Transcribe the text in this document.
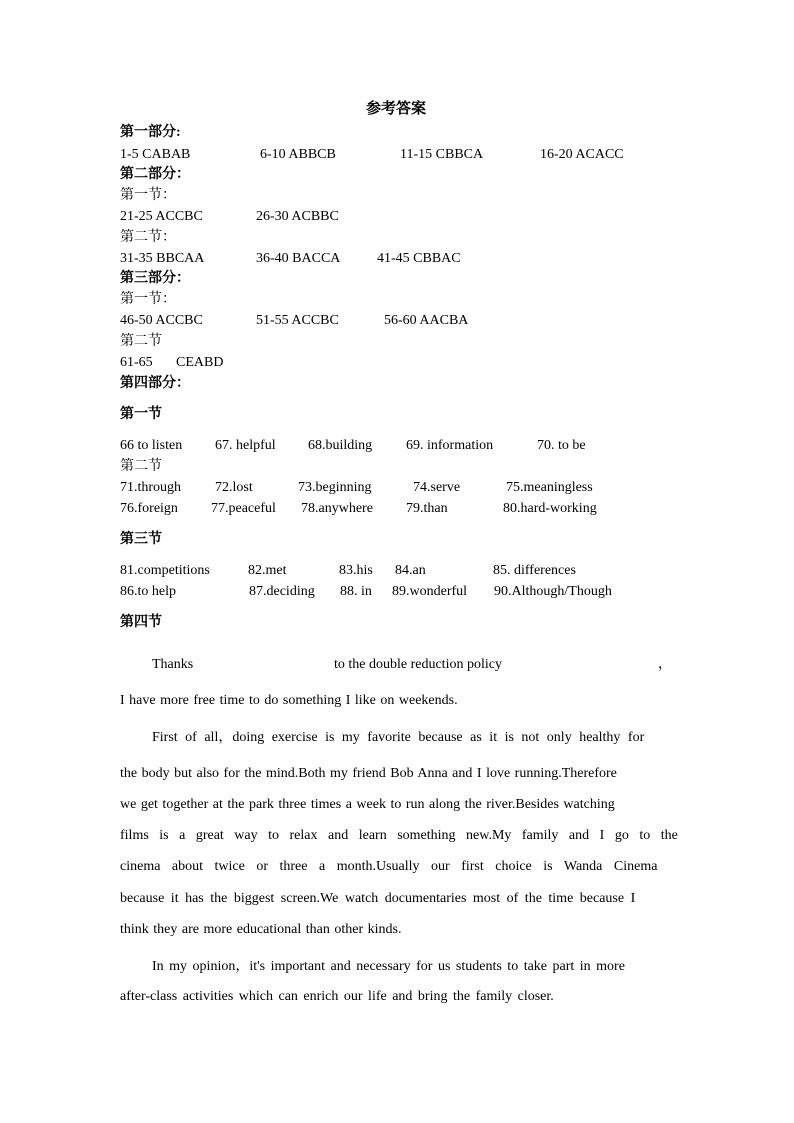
参考答案
第一部分:
1-5 CABAB	6-10 ABBCB	11-15 CBBCA	16-20 ACACC
第二部分：
第一节：
21-25 ACCBC	26-30 ACBBC
第二节：
31-35 BBCAA	36-40 BACCA	41-45 CBBAC
第三部分：
第一节：
46-50 ACCBC	51-55 ACCBC	56-60 AACBA
第二节
61-65 CEABD
第四部分：
第一节
66 to listen 67. helpful 68.building 69. information	70. to be
第二节
71.through 72.lost	73.beginning	74.serve	75.meaningless
76.foreign 77.peaceful 78.anywhere 79.than	80.hard-working
第三节
81.competitions	82.met	83.his 84.an	85. differences
86.to help	87.deciding 88. in 89.wonderful 90.Although/Though
第四节
Thanks	to the double reduction policy	，
I have more free time to do something I like on weekends.
First of all，doing exercise is my favorite because as it is not only healthy for
the body but also for the mind.Both my friend Bob Anna and I love running.Therefore
we get together at the park three times a week to run along the river.Besides watching
films is a great way to relax and learn something new.My family and I go to the
cinema about twice or three a month.Usually our first choice is Wanda Cinema
because it has the biggest screen.We watch documentaries most of the time because I
think they are more educational than other kinds.
In my opinion，it's important and necessary for us students to take part in more
after-class activities which can enrich our life and bring the family closer.
